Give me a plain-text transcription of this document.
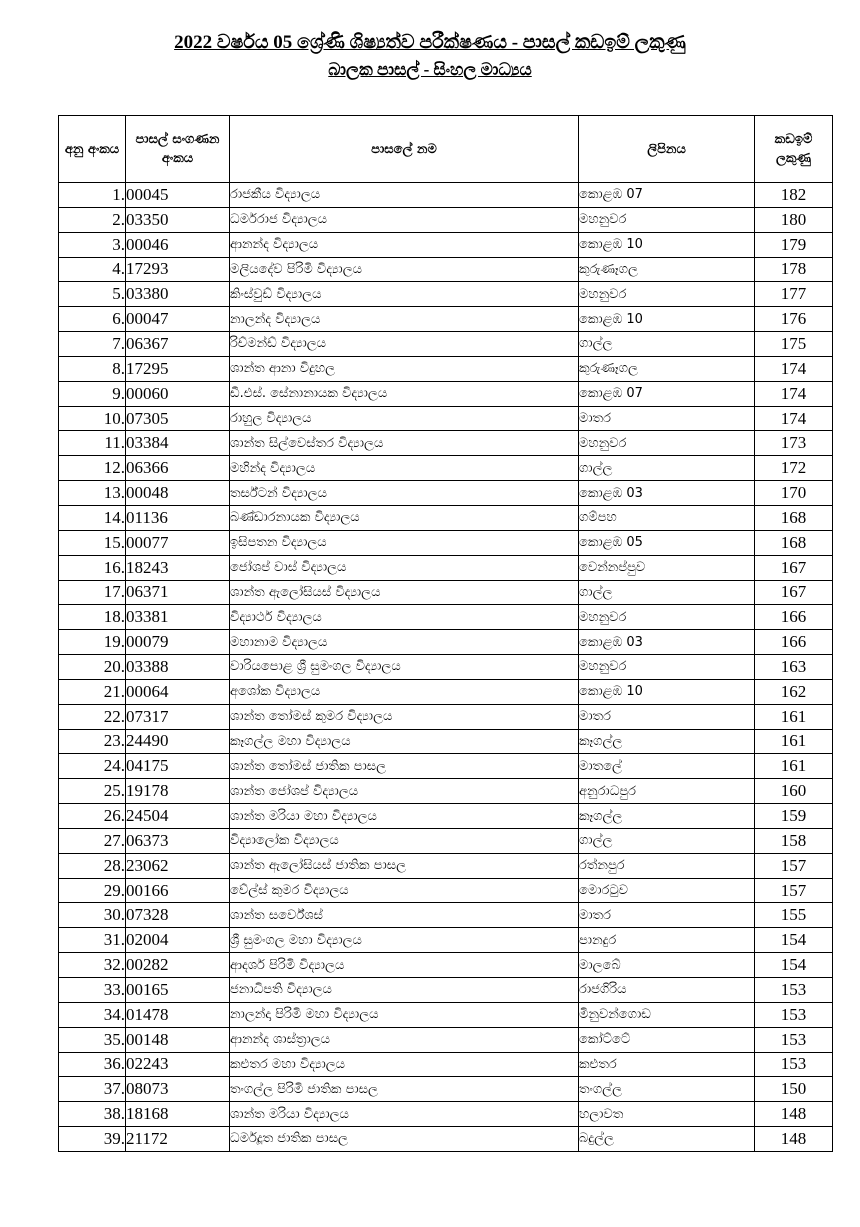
2022 වර්ෂය 05 ශ්‍රේණි ශිෂ්‍යත්ව පරීක්ෂණය - පාසල් කඩඉම් ලකුණු
බාලක පාසල් - සිංහල මාධ්‍යය
අනු අංකය	පාසල් සංගණන අංකය	පාසලේ නම	ලිපිනය	කඩඉම් ලකුණු
1.	00045	රාජකීය විද්‍යාලය	කොළඹ 07	182
2.	03350	ධර්මරාජ විද්‍යාලය	මහනුවර	180
3.	00046	ආනන්ද විද්‍යාලය	කොළඹ 10	179
4.	17293	මලියදේව පිරිමි විද්‍යාලය	කුරුණෑගල	178
5.	03380	කිංස්වුඩ් විද්‍යාලය	මහනුවර	177
6.	00047	නාලන්ද විද්‍යාලය	කොළඹ 10	176
7.	06367	රිච්මන්ඩ් විද්‍යාලය	ගාල්ල	175
8.	17295	ශාන්ත ආනා විදුහල	කුරුණෑගල	174
9.	00060	ඩී.එස්. සේනානායක විද්‍යාලය	කොළඹ 07	174
10.	07305	රාහුල විද්‍යාලය	මාතර	174
11.	03384	ශාන්ත සිල්වෙස්තර විද්‍යාලය	මහනුවර	173
12.	06366	මහින්ද විද්‍යාලය	ගාල්ල	172
13.	00048	තර්ස්ටන් විද්‍යාලය	කොළඹ 03	170
14.	01136	බණ්ඩාරනායක විද්‍යාලය	ගම්පහ	168
15.	00077	ඉසිපතන විද්‍යාලය	කොළඹ 05	168
16.	18243	ජෝශප් වාස් විද්‍යාලය	වෙන්නප්පුව	167
17.	06371	ශාන්ත ඇලෝසියස් විද්‍යාලය	ගාල්ල	167
18.	03381	විද්‍යාර්ථ විද්‍යාලය	මහනුවර	166
19.	00079	මහානාම විද්‍යාලය	කොළඹ 03	166
20.	03388	වාරියපොළ ශ්‍රී සුමංගල විද්‍යාලය	මහනුවර	163
21.	00064	අශෝක විද්‍යාලය	කොළඹ 10	162
22.	07317	ශාන්ත තෝමස් කුමර විද්‍යාලය	මාතර	161
23.	24490	කෑගල්ල මහා විද්‍යාලය	කෑගල්ල	161
24.	04175	ශාන්ත තෝමස් ජාතික පාසල	මාතලේ	161
25.	19178	ශාන්ත ජෝශප් විද්‍යාලය	අනුරාධපුර	160
26.	24504	ශාන්ත මරියා මහා විද්‍යාලය	කෑගල්ල	159
27.	06373	විද්‍යාලෝක විද්‍යාලය	ගාල්ල	158
28.	23062	ශාන්ත ඇලෝසියස් ජාතික පාසල	රත්නපුර	157
29.	00166	වේල්ස් කුමර විද්‍යාලය	මොරටුව	157
30.	07328	ශාන්ත සර්වේශස්	මාතර	155
31.	02004	ශ්‍රී සුමංගල මහා විද්‍යාලය	පානදුර	154
32.	00282	ආදර්ශ පිරිමි විද්‍යාලය	මාලබේ	154
33.	00165	ජනාධිපති විද්‍යාලය	රාජගිරිය	153
34.	01478	නාලන්දා පිරිමි මහා විද්‍යාලය	මිනුවන්ගොඩ	153
35.	00148	ආනන්ද ශාස්ත්‍රාලය	කෝට්ටේ	153
36.	02243	කළුතර මහා විද්‍යාලය	කළුතර	153
37.	08073	තංගල්ල පිරිමි ජාතික පාසල	තංගල්ල	150
38.	18168	ශාන්ත මරියා විද්‍යාලය	හලාවත	148
39.	21172	ධර්මදූත ජාතික පාසල	බදුල්ල	148
